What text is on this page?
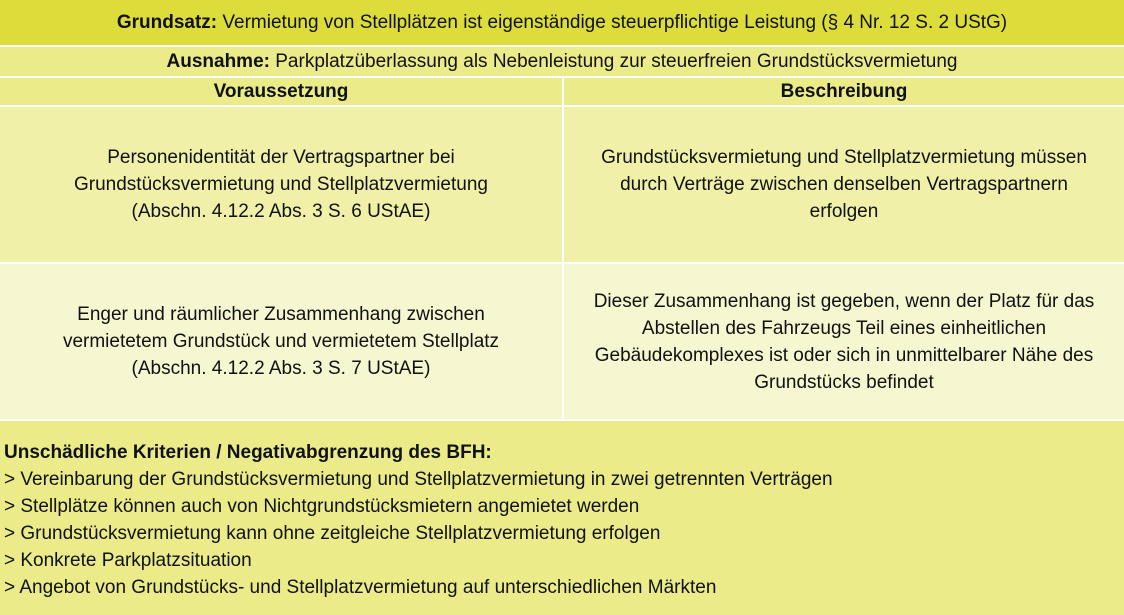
Grundsatz: Vermietung von Stellplätzen ist eigenständige steuerpflichtige Leistung (§ 4 Nr. 12 S. 2 UStG)
Ausnahme: Parkplatzüberlassung als Nebenleistung zur steuerfreien Grundstücksvermietung
Voraussetzung	Beschreibung
Personenidentität der Vertragspartner bei
Grundstücksvermietung und Stellplatzvermietung
(Abschn. 4.12.2 Abs. 3 S. 6 UStAE)
Grundstücksvermietung und Stellplatzvermietung müssen
durch Verträge zwischen denselben Vertragspartnern
erfolgen
Enger und räumlicher Zusammenhang zwischen
vermietetem Grundstück und vermietetem Stellplatz
(Abschn. 4.12.2 Abs. 3 S. 7 UStAE)
Dieser Zusammenhang ist gegeben, wenn der Platz für das
Abstellen des Fahrzeugs Teil eines einheitlichen
Gebäudekomplexes ist oder sich in unmittelbarer Nähe des
Grundstücks befindet
Unschädliche Kriterien / Negativabgrenzung des BFH:
> Vereinbarung der Grundstücksvermietung und Stellplatzvermietung in zwei getrennten Verträgen
> Stellplätze können auch von Nichtgrundstücksmietern angemietet werden
> Grundstücksvermietung kann ohne zeitgleiche Stellplatzvermietung erfolgen
> Konkrete Parkplatzsituation
> Angebot von Grundstücks- und Stellplatzvermietung auf unterschiedlichen Märkten
